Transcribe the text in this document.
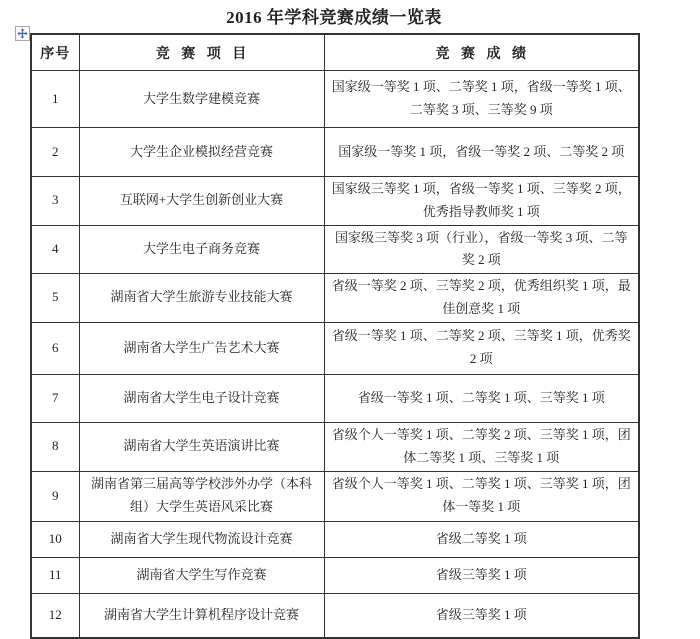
2016 年学科竞赛成绩一览表
序号	竞 赛 项 目	竞 赛 成 绩
1	大学生数学建模竞赛	国家级一等奖 1 项、二等奖 1 项，省级一等奖 1 项、二等奖 3 项、三等奖 9 项
2	大学生企业模拟经营竞赛	国家级一等奖 1 项，省级一等奖 2 项、二等奖 2 项
3	互联网+大学生创新创业大赛	国家级三等奖 1 项，省级一等奖 1 项、三等奖 2 项，优秀指导教师奖 1 项
4	大学生电子商务竞赛	国家级三等奖 3 项（行业），省级一等奖 3 项、二等奖 2 项
5	湖南省大学生旅游专业技能大赛	省级一等奖 2 项、三等奖 2 项，优秀组织奖 1 项，最佳创意奖 1 项
6	湖南省大学生广告艺术大赛	省级一等奖 1 项、二等奖 2 项、三等奖 1 项，优秀奖 2 项
7	湖南省大学生电子设计竞赛	省级一等奖 1 项、二等奖 1 项、三等奖 1 项
8	湖南省大学生英语演讲比赛	省级个人一等奖 1 项、二等奖 2 项、三等奖 1 项，团体二等奖 1 项、三等奖 1 项
9	湖南省第三届高等学校涉外办学（本科组）大学生英语风采比赛	省级个人一等奖 1 项、二等奖 1 项、三等奖 1 项，团体一等奖 1 项
10	湖南省大学生现代物流设计竞赛	省级二等奖 1 项
11	湖南省大学生写作竞赛	省级三等奖 1 项
12	湖南省大学生计算机程序设计竞赛	省级三等奖 1 项
